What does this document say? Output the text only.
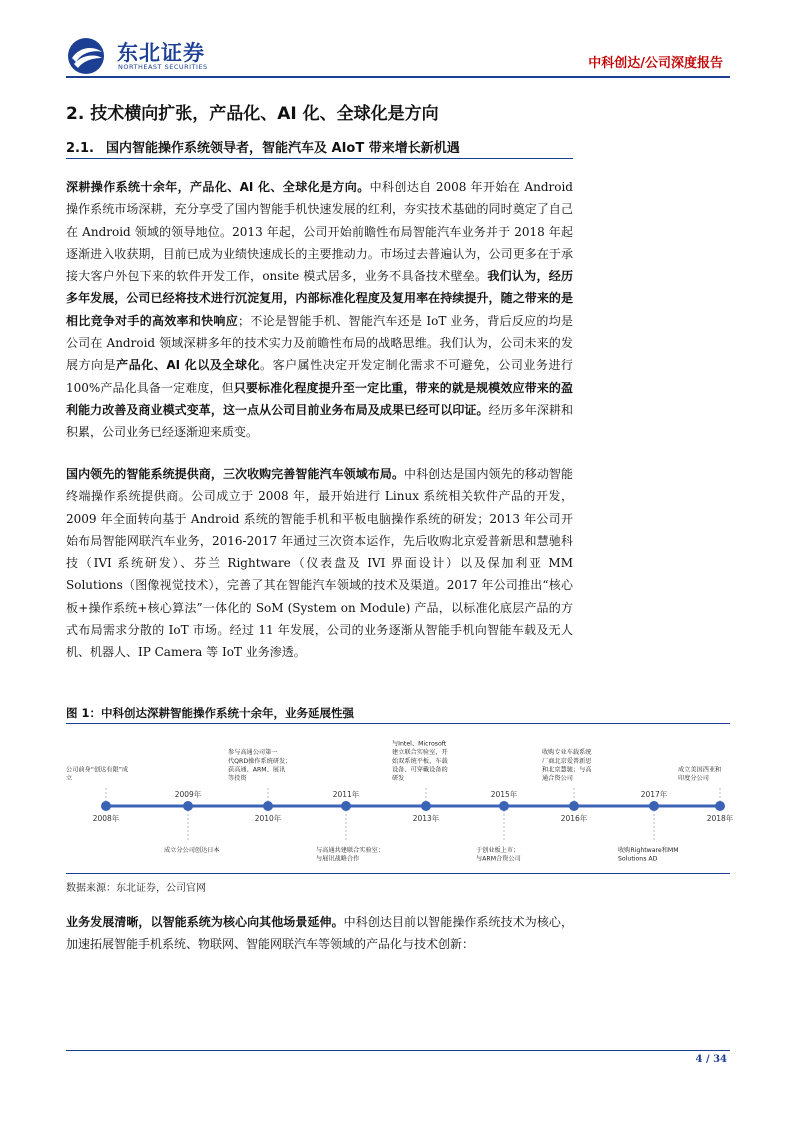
东北证券
NORTHEAST SECURITIES	中科创达/公司深度报告
2. 技术横向扩张，产品化、AI 化、全球化是方向
2.1. 国内智能操作系统领导者，智能汽车及 AIoT 带来增长新机遇
深耕操作系统十余年，产品化、AI 化、全球化是方向。中科创达自 2008 年开始在 Android 操作系统市场深耕，充分享受了国内智能手机快速发展的红利，夯实技术基础的同时奠定了自己在 Android 领域的领导地位。2013 年起，公司开始前瞻性布局智能汽车业务并于 2018 年起逐渐进入收获期，目前已成为业绩快速成长的主要推动力。市场过去普遍认为，公司更多在于承接大客户外包下来的软件开发工作，onsite 模式居多，业务不具备技术壁垒。我们认为，经历多年发展，公司已经将技术进行沉淀复用，内部标准化程度及复用率在持续提升，随之带来的是相比竞争对手的高效率和快响应；不论是智能手机、智能汽车还是 IoT 业务，背后反应的均是公司在 Android 领域深耕多年的技术实力及前瞻性布局的战略思维。我们认为，公司未来的发展方向是产品化、AI 化以及全球化。客户属性决定开发定制化需求不可避免，公司业务进行 100%产品化具备一定难度，但只要标准化程度提升至一定比重，带来的就是规模效应带来的盈利能力改善及商业模式变革，这一点从公司目前业务布局及成果已经可以印证。经历多年深耕和积累，公司业务已经逐渐迎来质变。
国内领先的智能系统提供商，三次收购完善智能汽车领域布局。中科创达是国内领先的移动智能终端操作系统提供商。公司成立于 2008 年，最开始进行 Linux 系统相关软件产品的开发，2009 年全面转向基于 Android 系统的智能手机和平板电脑操作系统的研发；2013 年公司开始布局智能网联汽车业务，2016-2017 年通过三次资本运作，先后收购北京爱普新思和慧驰科技（IVI 系统研发）、芬兰 Rightware（仪表盘及 IVI 界面设计）以及保加利亚 MM Solutions（图像视觉技术），完善了其在智能汽车领域的技术及渠道。2017 年公司推出“核心板+操作系统+核心算法”一体化的 SoM (System on Module) 产品，以标准化底层产品的方式布局需求分散的 IoT 市场。经过 11 年发展，公司的业务逐渐从智能手机向智能车载及无人机、机器人、IP Camera 等 IoT 业务渗透。
图 1：中科创达深耕智能操作系统十余年，业务延展性强
2008年
公司前身“创达有限”成立
2009年
成立分公司创达日本
2010年
参与高通公司第一代QRD操作系统研发；获高通、ARM、展讯等投资
2011年
与高通共建联合实验室；与展讯战略合作
2013年
与Intel、Microsoft 建立联合实验室，开始双系统平板、车载设备、可穿戴设备的研发
2015年
于创业板上市；与ARM合资公司
2016年
收购专业车载系统厂商北京爱普新思和北京慧驰；与高通合资公司
2017年
收购Rightware和MM Solutions AD
2018年
成立美国西亚和印度分公司
数据来源：东北证券，公司官网
业务发展清晰，以智能系统为核心向其他场景延伸。中科创达目前以智能操作系统技术为核心，加速拓展智能手机系统、物联网、智能网联汽车等领域的产品化与技术创新：
4 / 34
